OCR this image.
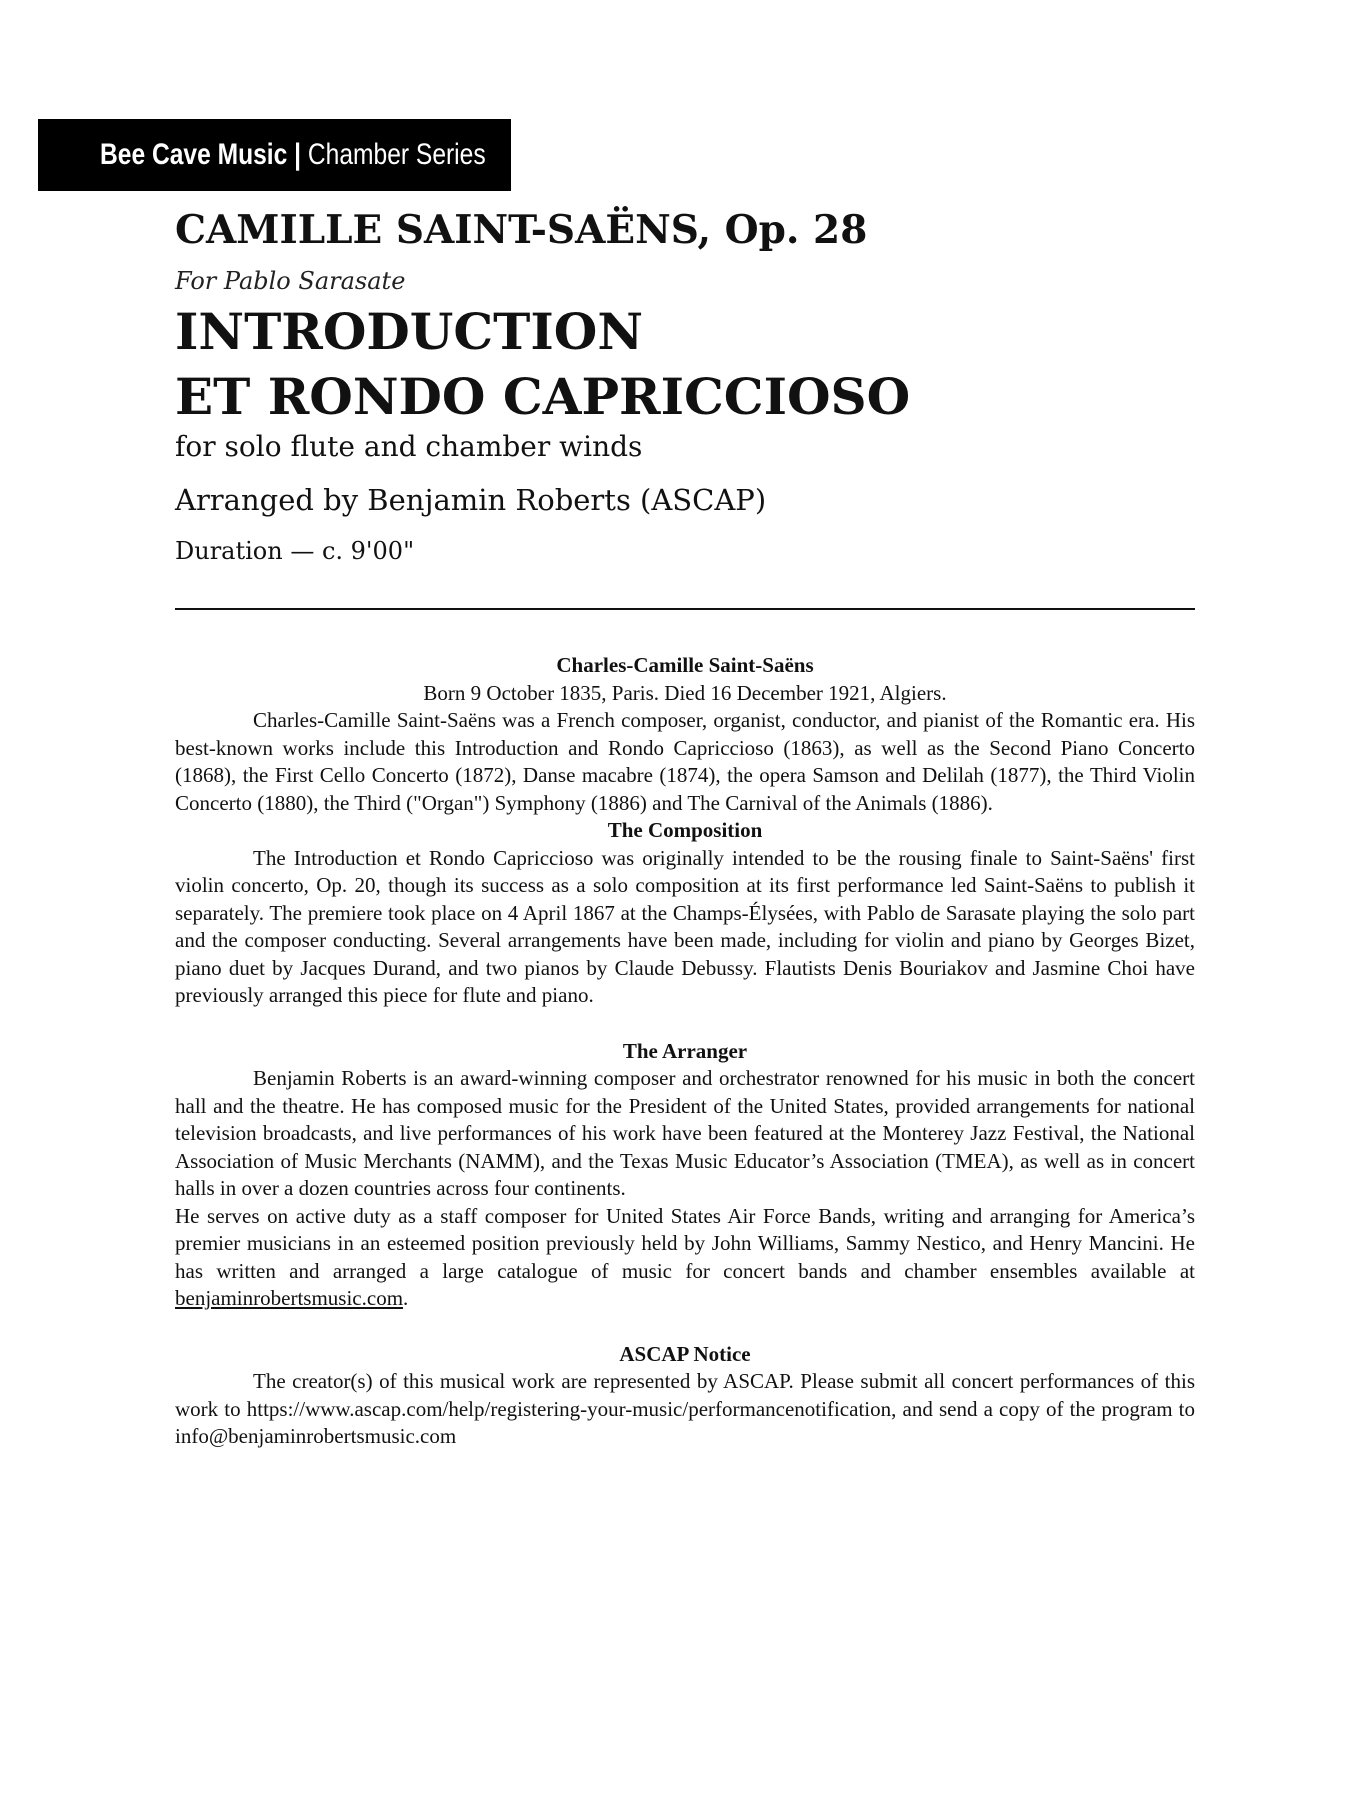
Bee Cave Music | Chamber Series
CAMILLE SAINT-SAËNS, Op. 28

For Pablo Sarasate

INTRODUCTION
ET RONDO CAPRICCIOSO

for solo flute and chamber winds

Arranged by Benjamin Roberts (ASCAP)

Duration — c. 9'00"

Charles-Camille Saint-Saëns

Born 9 October 1835, Paris. Died 16 December 1921, Algiers.

Charles-Camille Saint-Saëns was a French composer, organist, conductor, and pianist of the Romantic era. His best-known works include this Introduction and Rondo Capriccioso (1863), as well as the Second Piano Concerto (1868), the First Cello Concerto (1872), Danse macabre (1874), the opera Samson and Delilah (1877), the Third Violin Concerto (1880), the Third ("Organ") Symphony (1886) and The Carnival of the Animals (1886).

The Composition

The Introduction et Rondo Capriccioso was originally intended to be the rousing finale to Saint-Saëns' first violin concerto, Op. 20, though its success as a solo composition at its first performance led Saint-Saëns to publish it separately. The premiere took place on 4 April 1867 at the Champs-Élysées, with Pablo de Sarasate playing the solo part and the composer conducting. Several arrangements have been made, including for violin and piano by Georges Bizet, piano duet by Jacques Durand, and two pianos by Claude Debussy. Flautists Denis Bouriakov and Jasmine Choi have previously arranged this piece for flute and piano.

The Arranger

Benjamin Roberts is an award-winning composer and orchestrator renowned for his music in both the concert hall and the theatre. He has composed music for the President of the United States, provided arrangements for national television broadcasts, and live performances of his work have been featured at the Monterey Jazz Festival, the National Association of Music Merchants (NAMM), and the Texas Music Educator’s Association (TMEA), as well as in concert halls in over a dozen countries across four continents.

He serves on active duty as a staff composer for United States Air Force Bands, writing and arranging for America’s premier musicians in an esteemed position previously held by John Williams, Sammy Nestico, and Henry Mancini. He has written and arranged a large catalogue of music for concert bands and chamber ensembles available at benjaminrobertsmusic.com.

ASCAP Notice

The creator(s) of this musical work are represented by ASCAP. Please submit all concert performances of this work to https://www.ascap.com/help/registering-your-music/performancenotification, and send a copy of the program to info@benjaminrobertsmusic.com
